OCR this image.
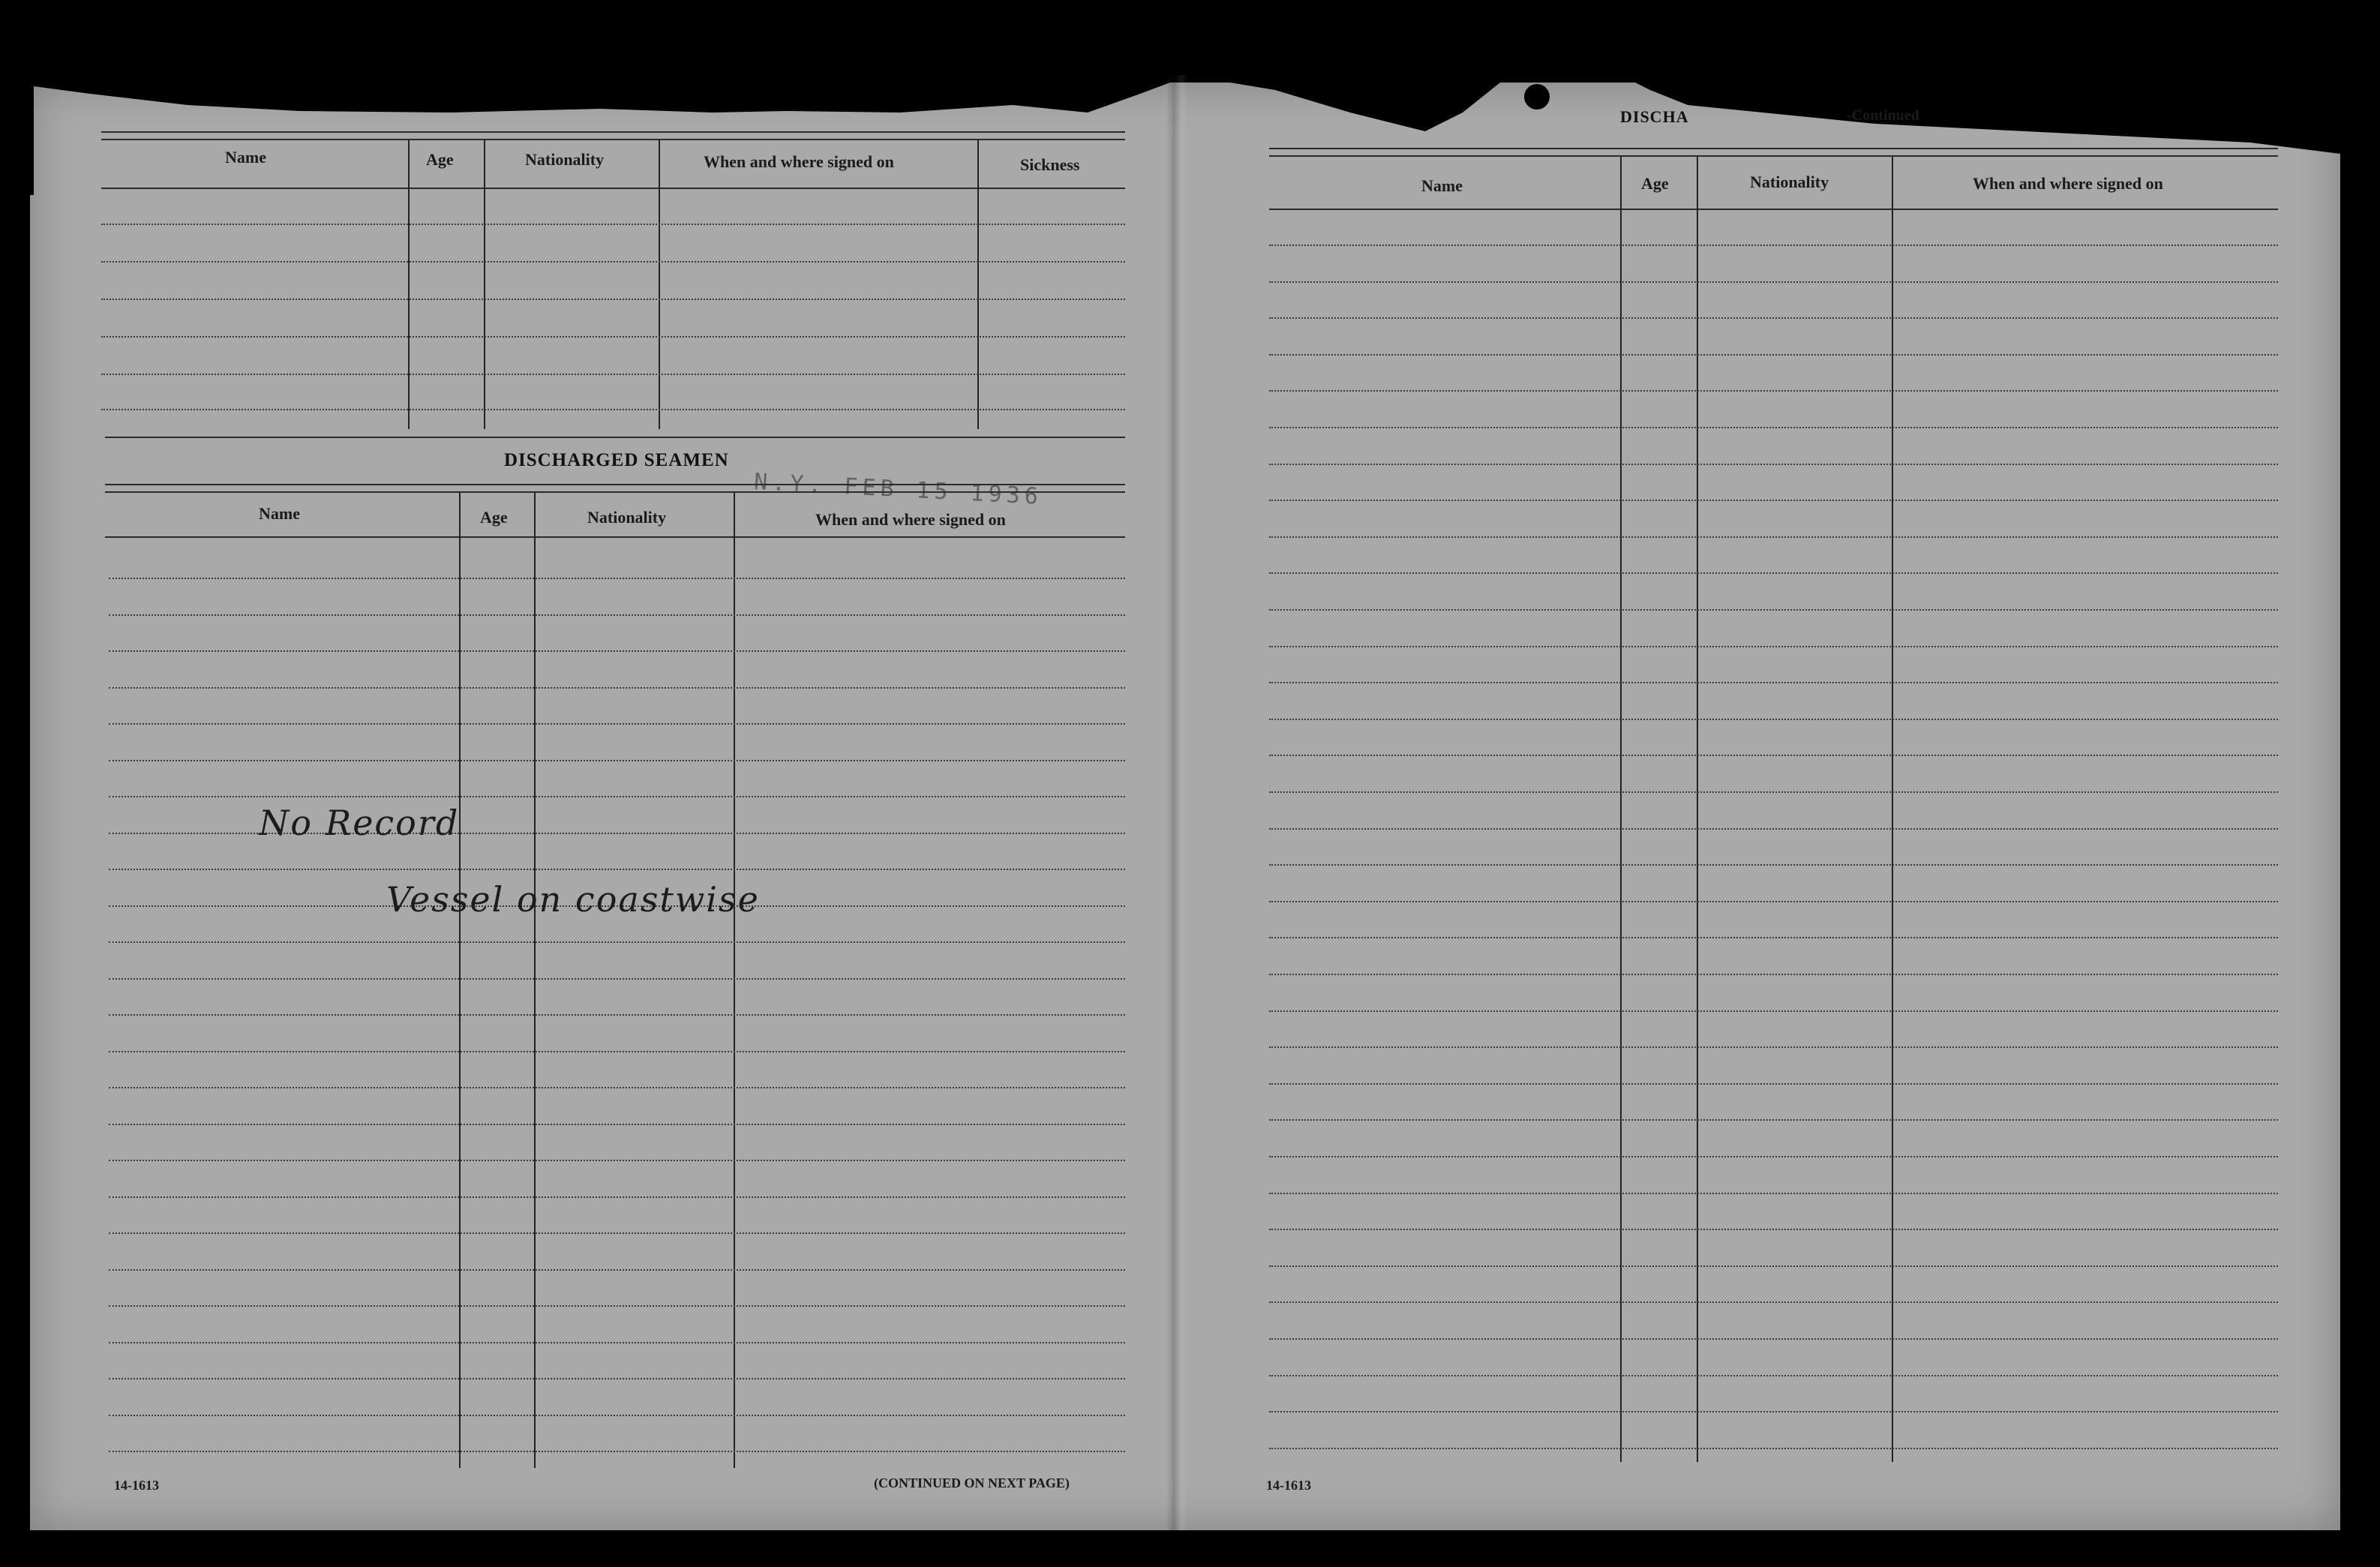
Name	Age	Nationality	When and where signed on	Sickness
DISCHARGED SEAMEN
N.Y. FEB 15 1936
Name	Age	Nationality	When and where signed on
No Record
Vessel on coastwise
14-1613	(CONTINUED ON NEXT PAGE)
DISCHA	-Continued
Name	Age	Nationality	When and where signed on
14-1613
